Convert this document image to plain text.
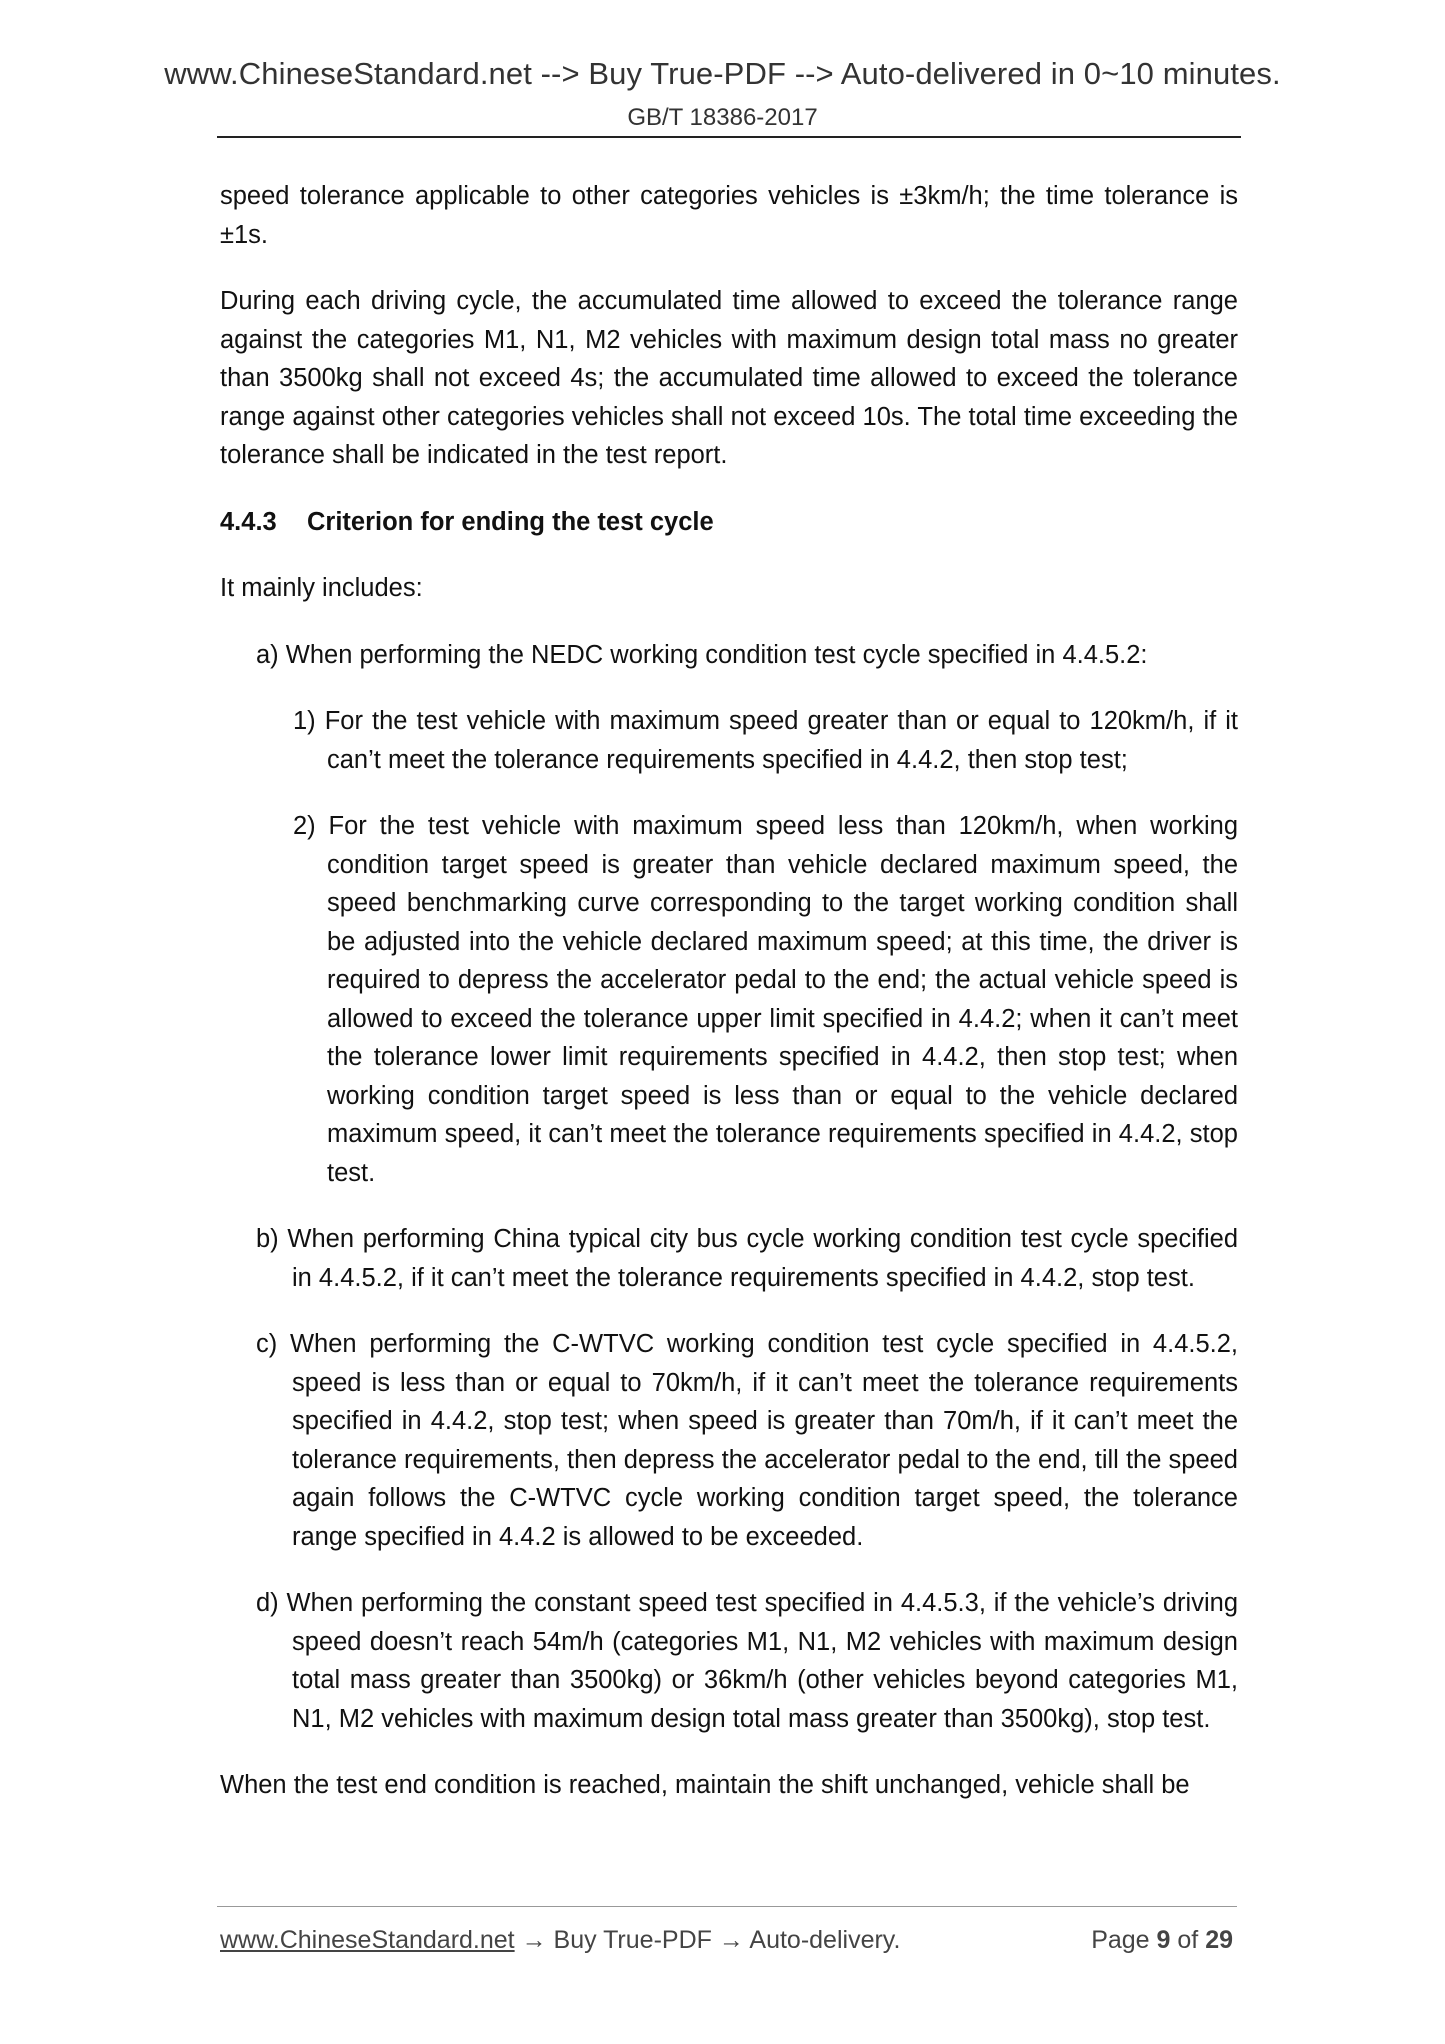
www.ChineseStandard.net --> Buy True-PDF --> Auto-delivered in 0~10 minutes.
GB/T 18386-2017

speed tolerance applicable to other categories vehicles is ±3km/h; the time tolerance is ±1s.

During each driving cycle, the accumulated time allowed to exceed the tolerance range against the categories M1, N1, M2 vehicles with maximum design total mass no greater than 3500kg shall not exceed 4s; the accumulated time allowed to exceed the tolerance range against other categories vehicles shall not exceed 10s. The total time exceeding the tolerance shall be indicated in the test report.

4.4.3	Criterion for ending the test cycle

It mainly includes:

a) When performing the NEDC working condition test cycle specified in 4.4.5.2:

1) For the test vehicle with maximum speed greater than or equal to 120km/h, if it can’t meet the tolerance requirements specified in 4.4.2, then stop test;

2) For the test vehicle with maximum speed less than 120km/h, when working condition target speed is greater than vehicle declared maximum speed, the speed benchmarking curve corresponding to the target working condition shall be adjusted into the vehicle declared maximum speed; at this time, the driver is required to depress the accelerator pedal to the end; the actual vehicle speed is allowed to exceed the tolerance upper limit specified in 4.4.2; when it can’t meet the tolerance lower limit requirements specified in 4.4.2, then stop test; when working condition target speed is less than or equal to the vehicle declared maximum speed, it can’t meet the tolerance requirements specified in 4.4.2, stop test.

b) When performing China typical city bus cycle working condition test cycle specified in 4.4.5.2, if it can’t meet the tolerance requirements specified in 4.4.2, stop test.

c) When performing the C-WTVC working condition test cycle specified in 4.4.5.2, speed is less than or equal to 70km/h, if it can’t meet the tolerance requirements specified in 4.4.2, stop test; when speed is greater than 70m/h, if it can’t meet the tolerance requirements, then depress the accelerator pedal to the end, till the speed again follows the C-WTVC cycle working condition target speed, the tolerance range specified in 4.4.2 is allowed to be exceeded.

d) When performing the constant speed test specified in 4.4.5.3, if the vehicle’s driving speed doesn’t reach 54m/h (categories M1, N1, M2 vehicles with maximum design total mass greater than 3500kg) or 36km/h (other vehicles beyond categories M1, N1, M2 vehicles with maximum design total mass greater than 3500kg), stop test.

When the test end condition is reached, maintain the shift unchanged, vehicle shall be

www.ChineseStandard.net → Buy True-PDF → Auto-delivery.	Page 9 of 29
